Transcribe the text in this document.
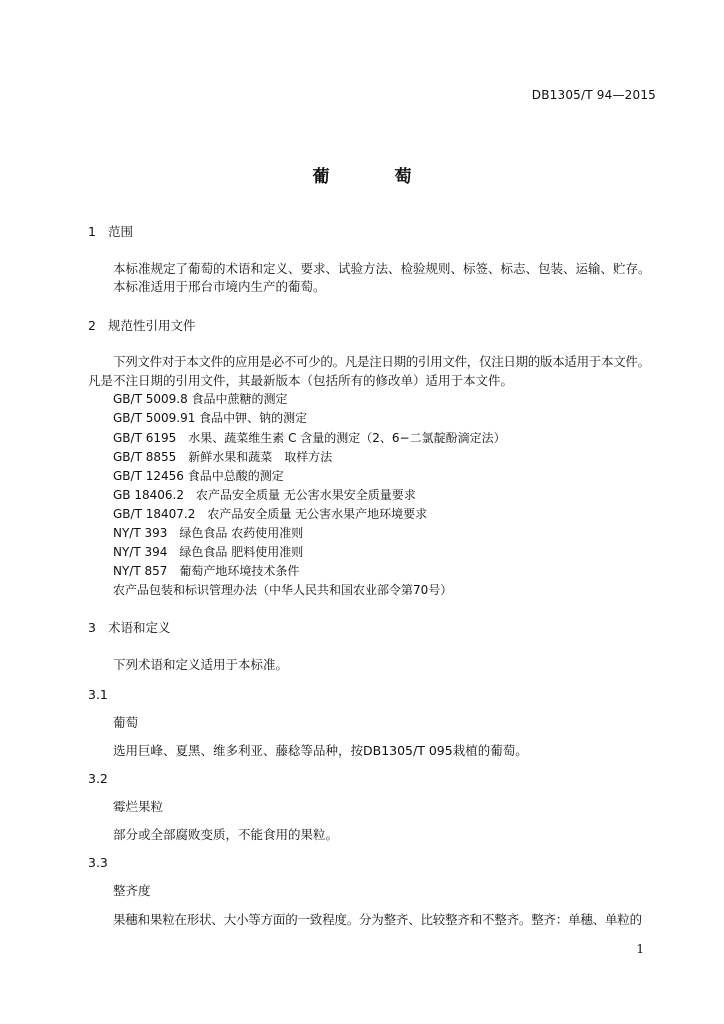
DB1305/T 94—2015
葡　萄
1 范围
本标准规定了葡萄的术语和定义、要求、试验方法、检验规则、标签、标志、包装、运输、贮存。
本标准适用于邢台市境内生产的葡萄。
2 规范性引用文件
下列文件对于本文件的应用是必不可少的。凡是注日期的引用文件，仅注日期的版本适用于本文件。
凡是不注日期的引用文件，其最新版本（包括所有的修改单）适用于本文件。
GB/T 5009.8 食品中蔗糖的测定
GB/T 5009.91 食品中钾、钠的测定
GB/T 6195　水果、蔬菜维生素 C 含量的测定（2、6−二氯靛酚滴定法）
GB/T 8855　新鲜水果和蔬菜　取样方法
GB/T 12456 食品中总酸的测定
GB 18406.2　农产品安全质量 无公害水果安全质量要求
GB/T 18407.2　农产品安全质量 无公害水果产地环境要求
NY/T 393　绿色食品 农药使用准则
NY/T 394　绿色食品 肥料使用准则
NY/T 857　葡萄产地环境技术条件
农产品包装和标识管理办法（中华人民共和国农业部令第70号）
3 术语和定义
下列术语和定义适用于本标准。
3.1
葡萄
选用巨峰、夏黑、维多利亚、藤稔等品种，按DB1305/T 095栽植的葡萄。
3.2
霉烂果粒
部分或全部腐败变质，不能食用的果粒。
3.3
整齐度
果穗和果粒在形状、大小等方面的一致程度。分为整齐、比较整齐和不整齐。整齐：单穗、单粒的
1
